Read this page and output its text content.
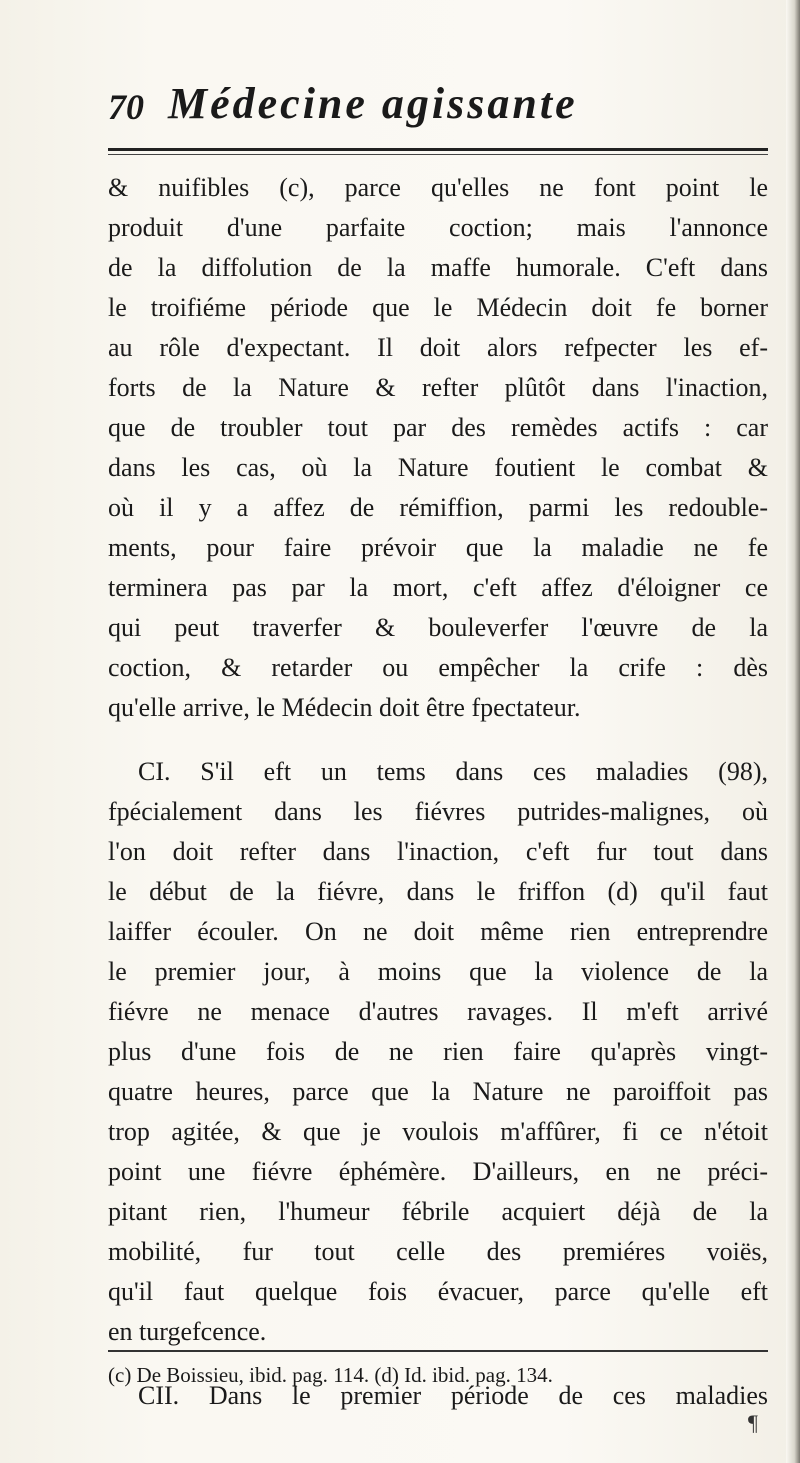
70 Médecine agissante
& nuifibles (c), parce qu'elles ne font point le
produit d'une parfaite coction; mais l'annonce
de la diffolution de la maffe humorale. C'eft dans
le troifiéme période que le Médecin doit fe borner
au rôle d'expectant. Il doit alors refpecter les ef-
forts de la Nature & refter plûtôt dans l'inaction,
que de troubler tout par des remèdes actifs : car
dans les cas, où la Nature foutient le combat &
où il y a affez de rémiffion, parmi les redouble-
ments, pour faire prévoir que la maladie ne fe
terminera pas par la mort, c'eft affez d'éloigner ce
qui peut traverfer & bouleverfer l'œuvre de la
coction, & retarder ou empêcher la crife : dès
qu'elle arrive, le Médecin doit être fpectateur.
CI. S'il eft un tems dans ces maladies (98),
fpécialement dans les fiévres putrides-malignes, où
l'on doit refter dans l'inaction, c'eft fur tout dans
le début de la fiévre, dans le friffon (d) qu'il faut
laiffer écouler. On ne doit même rien entreprendre
le premier jour, à moins que la violence de la
fiévre ne menace d'autres ravages. Il m'eft arrivé
plus d'une fois de ne rien faire qu'après vingt-
quatre heures, parce que la Nature ne paroiffoit pas
trop agitée, & que je voulois m'affûrer, fi ce n'étoit
point une fiévre éphémère. D'ailleurs, en ne préci-
pitant rien, l'humeur fébrile acquiert déjà de la
mobilité, fur tout celle des premiéres voiës,
qu'il faut quelque fois évacuer, parce qu'elle eft
en turgefcence.
CII. Dans le premier période de ces maladies
(c) De Boissieu, ibid. pag. 114. (d) Id. ibid. pag. 134.
¶
